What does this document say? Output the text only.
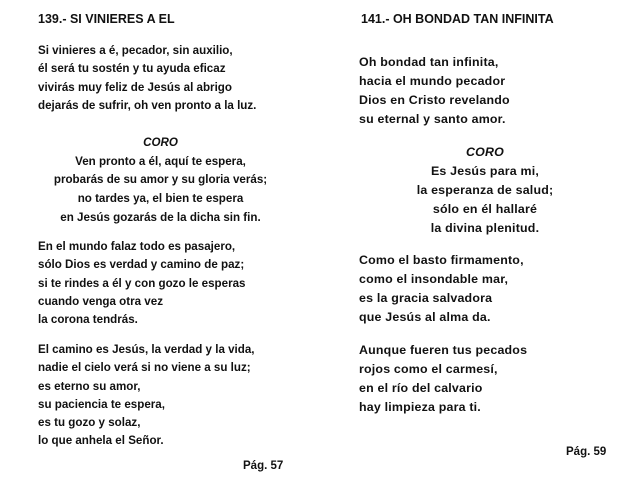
139.- SI VINIERES A EL
Si vinieres a é, pecador, sin auxilio,
él será tu sostén y tu ayuda eficaz
vivirás muy feliz de Jesús al abrigo
dejarás de sufrir, oh ven pronto a la luz.
CORO
Ven pronto a él, aquí te espera,
probarás de su amor y su gloria verás;
no tardes ya, el bien te espera
en Jesús gozarás de la dicha sin fin.
En el mundo falaz todo es pasajero,
sólo Dios es verdad y camino de paz;
si te rindes a él y con gozo le esperas
cuando venga otra vez
la corona tendrás.
El camino es Jesús, la verdad y la vida,
nadie el cielo verá si no viene a su luz;
es eterno su amor,
su paciencia te espera,
es tu gozo y solaz,
lo que anhela el Señor.
Pág. 57
141.- OH BONDAD TAN INFINITA
Oh bondad tan infinita,
hacia el mundo pecador
Dios en Cristo revelando
su eternal y santo amor.
CORO
Es Jesús para mi,
la esperanza de salud;
sólo en él hallaré
la divina plenitud.
Como el basto firmamento,
como el insondable mar,
es la gracia salvadora
que Jesús al alma da.
Aunque fueren tus pecados
rojos como el carmesí,
en el río del calvario
hay limpieza para ti.
Pág. 59
